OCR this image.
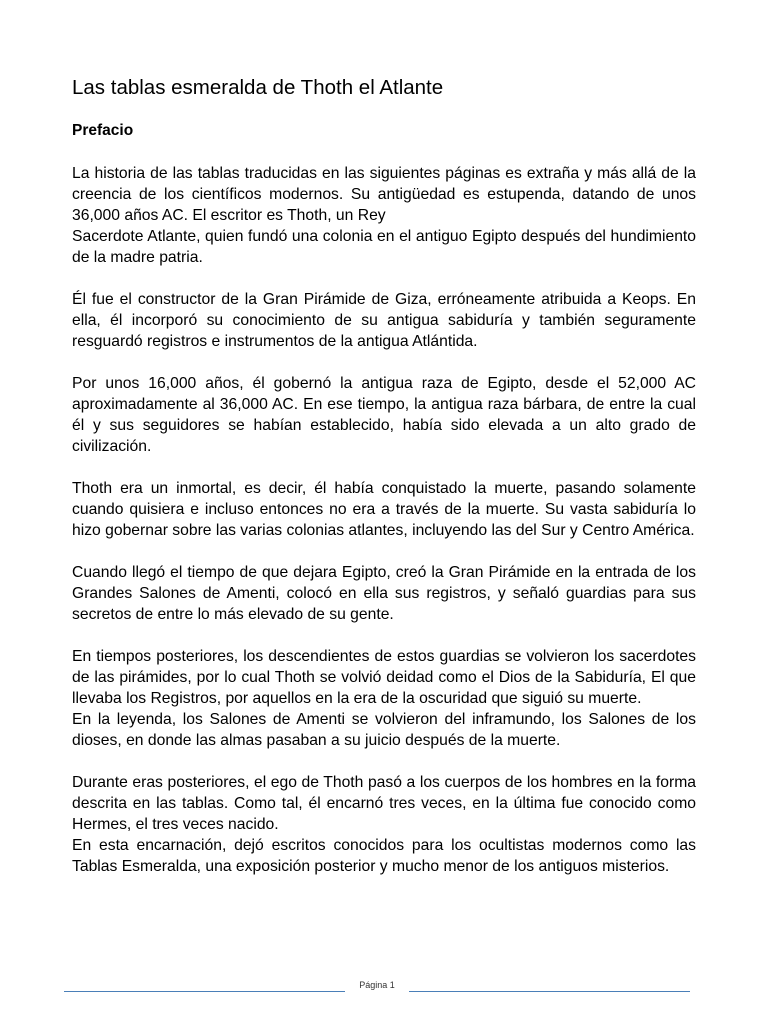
Las tablas esmeralda de Thoth el Atlante
Prefacio

La historia de las tablas traducidas en las siguientes páginas es extraña y más allá de la creencia de los científicos modernos. Su antigüedad es estupenda, datando de unos 36,000 años AC. El escritor es Thoth, un Rey

Sacerdote Atlante, quien fundó una colonia en el antiguo Egipto después del hundimiento de la madre patria.

Él fue el constructor de la Gran Pirámide de Giza, erróneamente atribuida a Keops. En ella, él incorporó su conocimiento de su antigua sabiduría y también seguramente resguardó registros e instrumentos de la antigua Atlántida.

Por unos 16,000 años, él gobernó la antigua raza de Egipto, desde el 52,000 AC aproximadamente al 36,000 AC. En ese tiempo, la antigua raza bárbara, de entre la cual él y sus seguidores se habían establecido, había sido elevada a un alto grado de civilización.

Thoth era un inmortal, es decir, él había conquistado la muerte, pasando solamente cuando quisiera e incluso entonces no era a través de la muerte. Su vasta sabiduría lo hizo gobernar sobre las varias colonias atlantes, incluyendo las del Sur y Centro América.

Cuando llegó el tiempo de que dejara Egipto, creó la Gran Pirámide en la entrada de los Grandes Salones de Amenti, colocó en ella sus registros, y señaló guardias para sus secretos de entre lo más elevado de su gente.

En tiempos posteriores, los descendientes de estos guardias se volvieron los sacerdotes de las pirámides, por lo cual Thoth se volvió deidad como el Dios de la Sabiduría, El que llevaba los Registros, por aquellos en la era de la oscuridad que siguió su muerte.

En la leyenda, los Salones de Amenti se volvieron del inframundo, los Salones de los dioses, en donde las almas pasaban a su juicio después de la muerte.

Durante eras posteriores, el ego de Thoth pasó a los cuerpos de los hombres en la forma descrita en las tablas. Como tal, él encarnó tres veces, en la última fue conocido como Hermes, el tres veces nacido.

En esta encarnación, dejó escritos conocidos para los ocultistas modernos como las Tablas Esmeralda, una exposición posterior y mucho menor de los antiguos misterios.

Página 1
